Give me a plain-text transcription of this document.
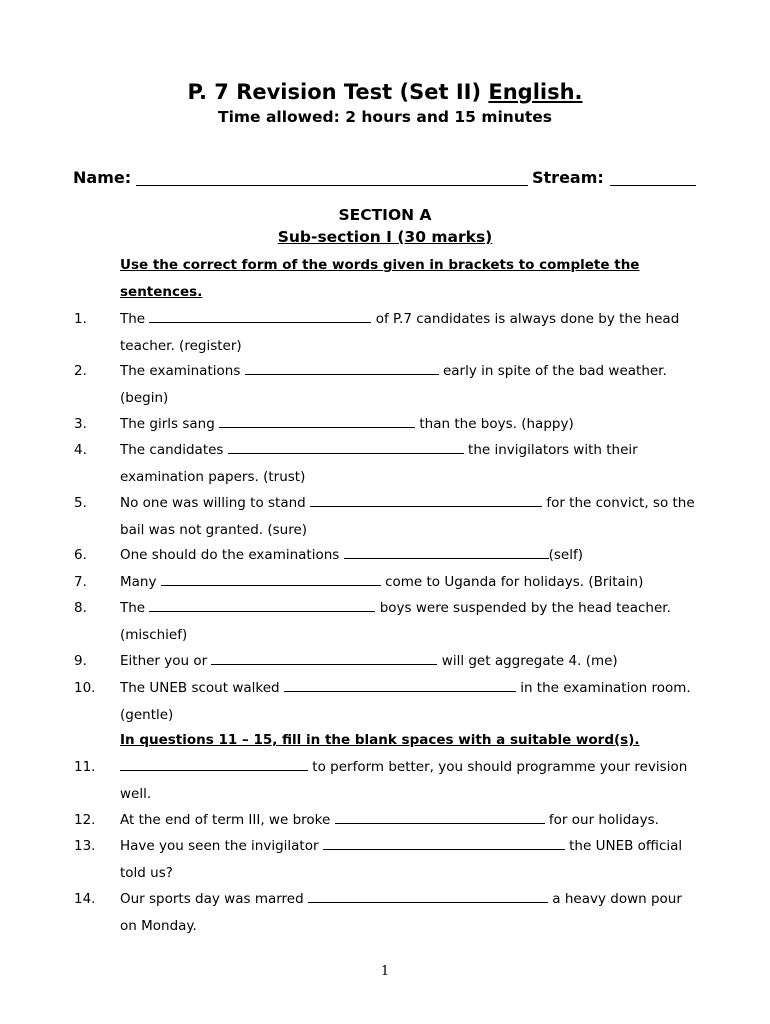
P. 7 Revision Test (Set II) English.
Time allowed: 2 hours and 15 minutes
Name:	Stream:
SECTION A
Sub-section I (30 marks)
Use the correct form of the words given in brackets to complete the sentences.
1. The	of P.7 candidates is always done by the head teacher. (register)
2. The examinations	early in spite of the bad weather. (begin)
3. The girls sang	than the boys. (happy)
4. The candidates	the invigilators with their examination papers. (trust)
5. No one was willing to stand	for the convict, so the bail was not granted. (sure)
6. One should do the examinations	(self)
7. Many	come to Uganda for holidays. (Britain)
8. The	boys were suspended by the head teacher. (mischief)
9. Either you or	will get aggregate 4. (me)
10. The UNEB scout walked	in the examination room. (gentle)
In questions 11 – 15, fill in the blank spaces with a suitable word(s).
11.	to perform better, you should programme your revision well.
12. At the end of term III, we broke	for our holidays.
13. Have you seen the invigilator	the UNEB official told us?
14. Our sports day was marred	a heavy down pour on Monday.
1
